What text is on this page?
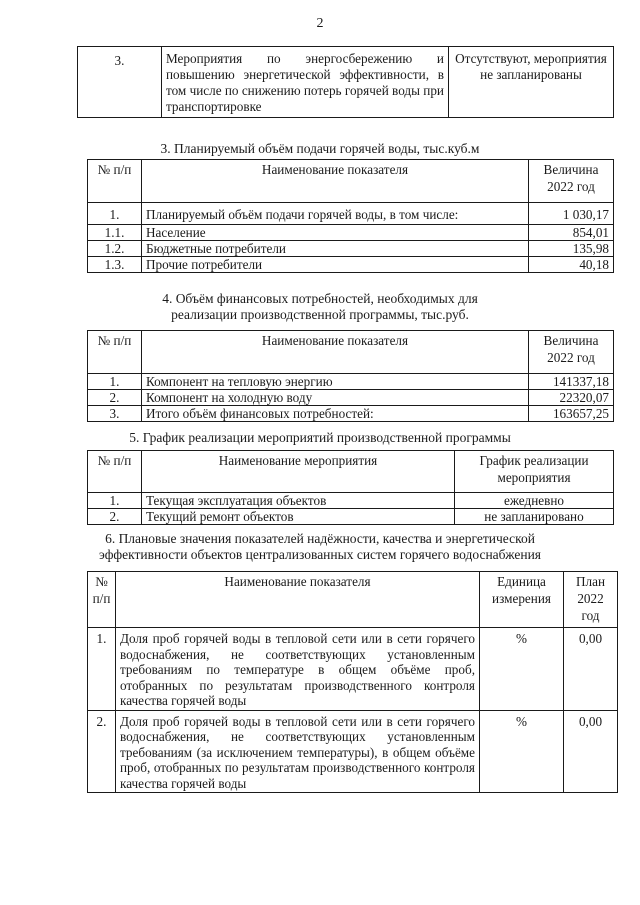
2
3.	Мероприятия по энергосбережению и повышению энергетической эффективности, в том числе по снижению потерь горячей воды при транспортировке	Отсутствуют, мероприятия не запланированы
3. Планируемый объём подачи горячей воды, тыс.куб.м
№ п/п	Наименование показателя	Величина 2022 год
1.	Планируемый объём подачи горячей воды, в том числе:	1 030,17
1.1.	Население	854,01
1.2.	Бюджетные потребители	135,98
1.3.	Прочие потребители	40,18
4. Объём финансовых потребностей, необходимых для реализации производственной программы, тыс.руб.
№ п/п	Наименование показателя	Величина 2022 год
1.	Компонент на тепловую энергию	141337,18
2.	Компонент на холодную воду	22320,07
3.	Итого объём финансовых потребностей:	163657,25
5. График реализации мероприятий производственной программы
№ п/п	Наименование мероприятия	График реализации мероприятия
1.	Текущая эксплуатация объектов	ежедневно
2.	Текущий ремонт объектов	не запланировано
6. Плановые значения показателей надёжности, качества и энергетической эффективности объектов централизованных систем горячего водоснабжения
№ п/п	Наименование показателя	Единица измерения	План 2022 год
1.	Доля проб горячей воды в тепловой сети или в сети горячего водоснабжения, не соответствующих установленным требованиям по температуре в общем объёме проб, отобранных по результатам производственного контроля качества горячей воды	%	0,00
2.	Доля проб горячей воды в тепловой сети или в сети горячего водоснабжения, не соответствующих установленным требованиям (за исключением температуры), в общем объёме проб, отобранных по результатам производственного контроля качества горячей воды	%	0,00
